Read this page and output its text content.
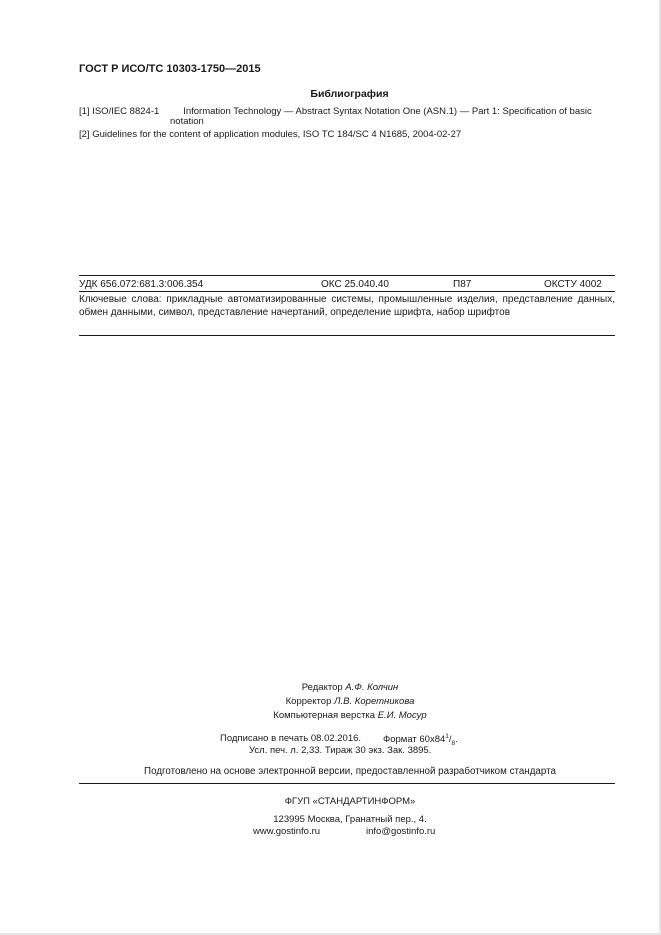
ГОСТ Р ИСО/ТС 10303-1750—2015
Библиография
[1] ISO/IEC 8824-1	Information Technology — Abstract Syntax Notation One (ASN.1) — Part 1: Specification of basic
notation
[2] Guidelines for the content of application modules, ISO TC 184/SC 4 N1685, 2004-02-27
УДК 656.072:681.3:006.354	ОКС 25.040.40	П87	ОКСТУ 4002
Ключевые слова: прикладные автоматизированные системы, промышленные изделия, представление данных, обмен данными, символ, представление начертаний, определение шрифта, набор шрифтов
Редактор А.Ф. Колчин
Корректор Л.В. Коретникова
Компьютерная верстка Е.И. Мосур
Подписано в печать 08.02.2016. Формат $60x84^1/_8$.
Усл. печ. л. 2,33. Тираж 30 экз. Зак. 3895.
Подготовлено на основе электронной версии, предоставленной разработчиком стандарта
ФГУП «СТАНДАРТИНФОРМ»
123995 Москва, Гранатный пер., 4.
www.gostinfo.ru	info@gostinfo.ru
